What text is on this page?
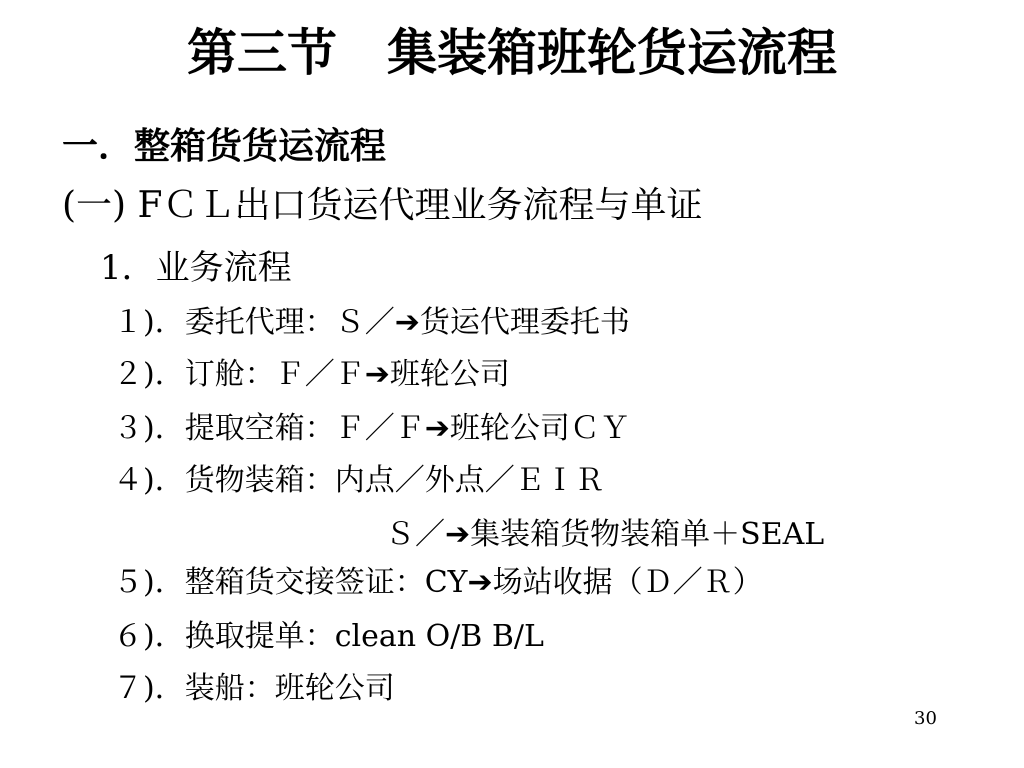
第三节　集装箱班轮货运流程
一．整箱货货运流程
(一) FＣＬ出口货运代理业务流程与单证
1．业务流程
１)．委托代理：Ｓ／➔货运代理委托书
２)．订舱：Ｆ／Ｆ➔班轮公司
３)．提取空箱：Ｆ／Ｆ➔班轮公司ＣＹ
４)．货物装箱：内点／外点／ＥＩＲ
Ｓ／➔集装箱货物装箱单＋SEAL
５)．整箱货交接签证：CY➔场站收据（Ｄ／Ｒ）
６)．换取提单：clean O/B B/L
７)．装船：班轮公司
30
